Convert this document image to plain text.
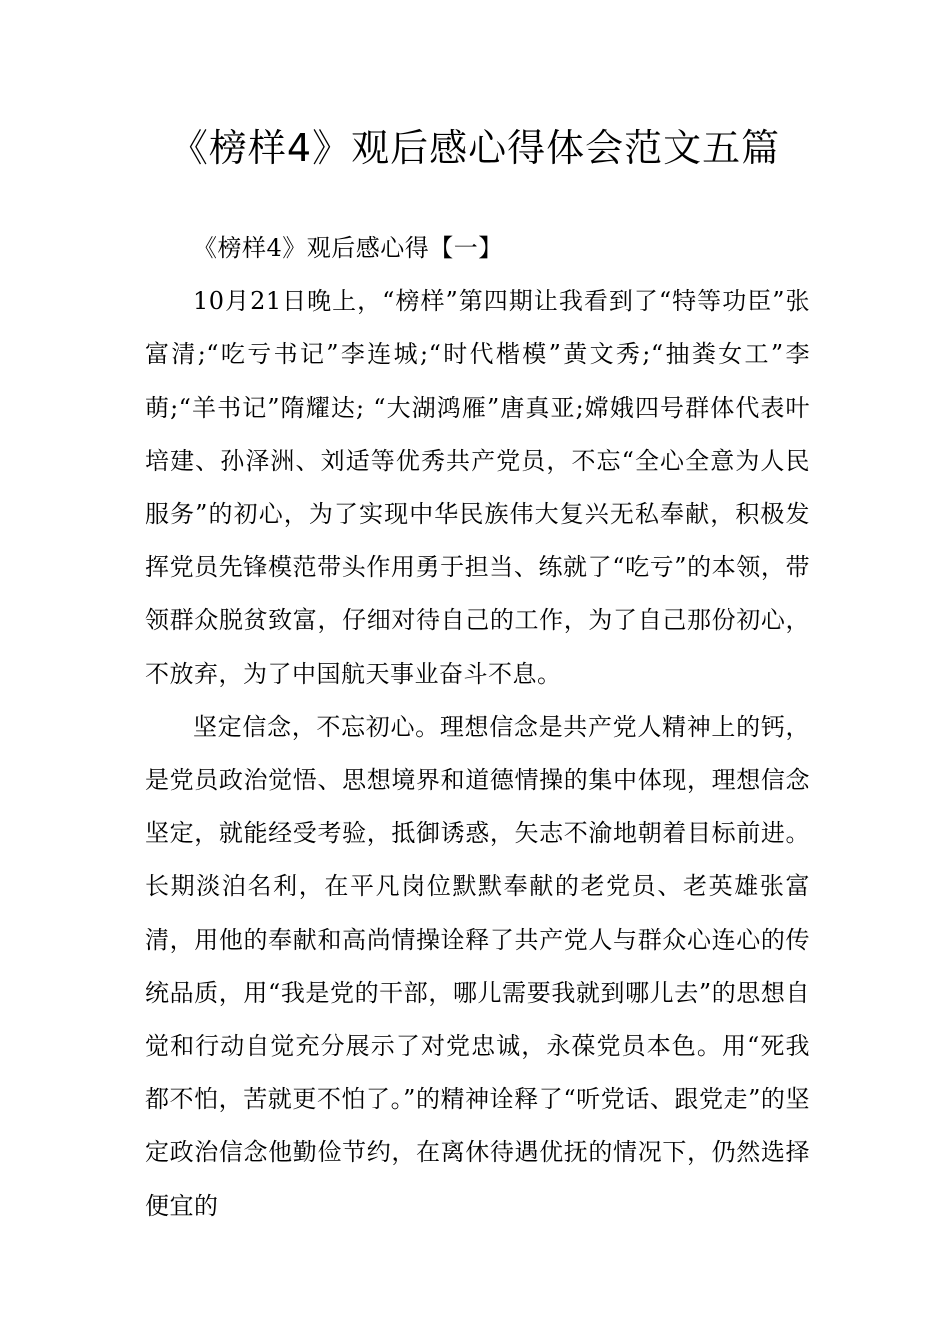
《榜样4》观后感心得体会范文五篇

《榜样4》观后感心得【一】

10月21日晚上，“榜样”第四期让我看到了“特等功臣”张富清;“吃亏书记”李连城;“时代楷模”黄文秀;“抽粪女工”李萌;“羊书记”隋耀达; “大湖鸿雁”唐真亚;嫦娥四号群体代表叶培建、孙泽洲、刘适等优秀共产党员，不忘“全心全意为人民服务”的初心，为了实现中华民族伟大复兴无私奉献，积极发挥党员先锋模范带头作用勇于担当、练就了“吃亏”的本领，带领群众脱贫致富，仔细对待自己的工作，为了自己那份初心，不放弃，为了中国航天事业奋斗不息。

坚定信念，不忘初心。理想信念是共产党人精神上的钙，是党员政治觉悟、思想境界和道德情操的集中体现，理想信念坚定，就能经受考验，抵御诱惑，矢志不渝地朝着目标前进。长期淡泊名利，在平凡岗位默默奉献的老党员、老英雄张富清，用他的奉献和高尚情操诠释了共产党人与群众心连心的传统品质，用“我是党的干部，哪儿需要我就到哪儿去”的思想自觉和行动自觉充分展示了对党忠诚，永葆党员本色。用“死我都不怕，苦就更不怕了。”的精神诠释了“听党话、跟党走”的坚定政治信念他勤俭节约，在离休待遇优抚的情况下，仍然选择便宜的
